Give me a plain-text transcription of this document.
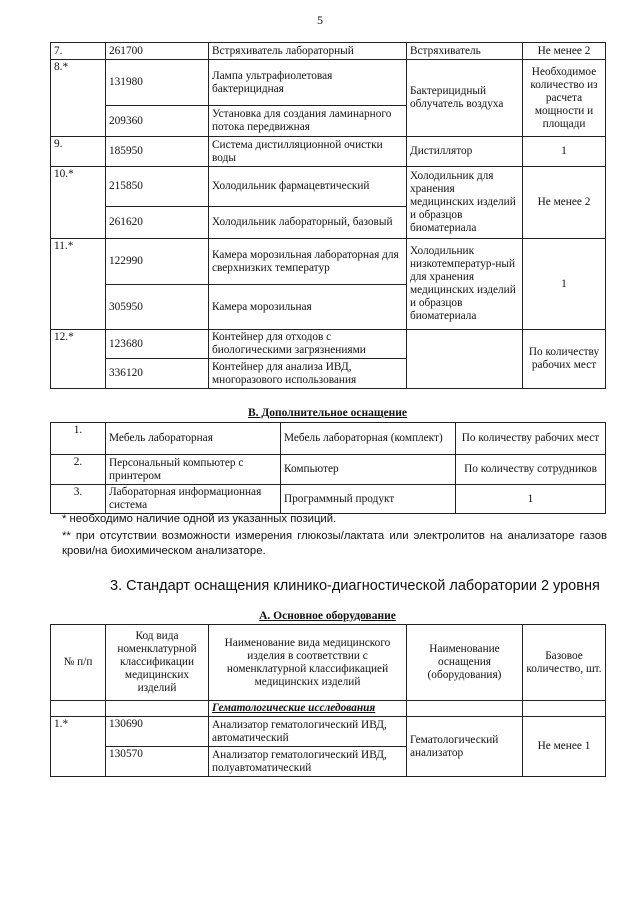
5
7.	261700	Встряхиватель лабораторный	Встряхиватель	Не менее 2
8.*	131980	Лампа ультрафиолетовая бактерицидная	Бактерицидный облучатель воздуха	Необходимое количество из расчета мощности и площади
	209360	Установка для создания ламинарного потока передвижная		
9.	185950	Система дистилляционной очистки воды	Дистиллятор	1
10.*	215850	Холодильник фармацевтический	Холодильник для хранения медицинских изделий и образцов биоматериала	Не менее 2
	261620	Холодильник лабораторный, базовый		
11.*	122990	Камера морозильная лабораторная для сверхнизких температур	Холодильник низкотемператур-ный для хранения медицинских изделий и образцов биоматериала	1
	305950	Камера морозильная		
12.*	123680	Контейнер для отходов с биологическими загрязнениями		По количеству рабочих мест
	336120	Контейнер для анализа ИВД, многоразового использования		
В. Дополнительное оснащение
1.	Мебель лабораторная	Мебель лабораторная (комплект)	По количеству рабочих мест
2.	Персональный компьютер с принтером	Компьютер	По количеству сотрудников
3.	Лабораторная информационная система	Программный продукт	1
* необходимо наличие одной из указанных позиций.
** при отсутствии возможности измерения глюкозы/лактата или электролитов на анализаторе газов крови/на биохимическом анализаторе.
3. Стандарт оснащения клинико-диагностической лаборатории 2 уровня
А. Основное оборудование
№ п/п	Код вида номенклатурной классификации медицинских изделий	Наименование вида медицинского изделия в соответствии с номенклатурной классификацией медицинских изделий	Наименование оснащения (оборудования)	Базовое количество, шт.
		Гематологические исследования		
1.*	130690	Анализатор гематологический ИВД, автоматический	Гематологический анализатор	Не менее 1
	130570	Анализатор гематологический ИВД, полуавтоматический		
